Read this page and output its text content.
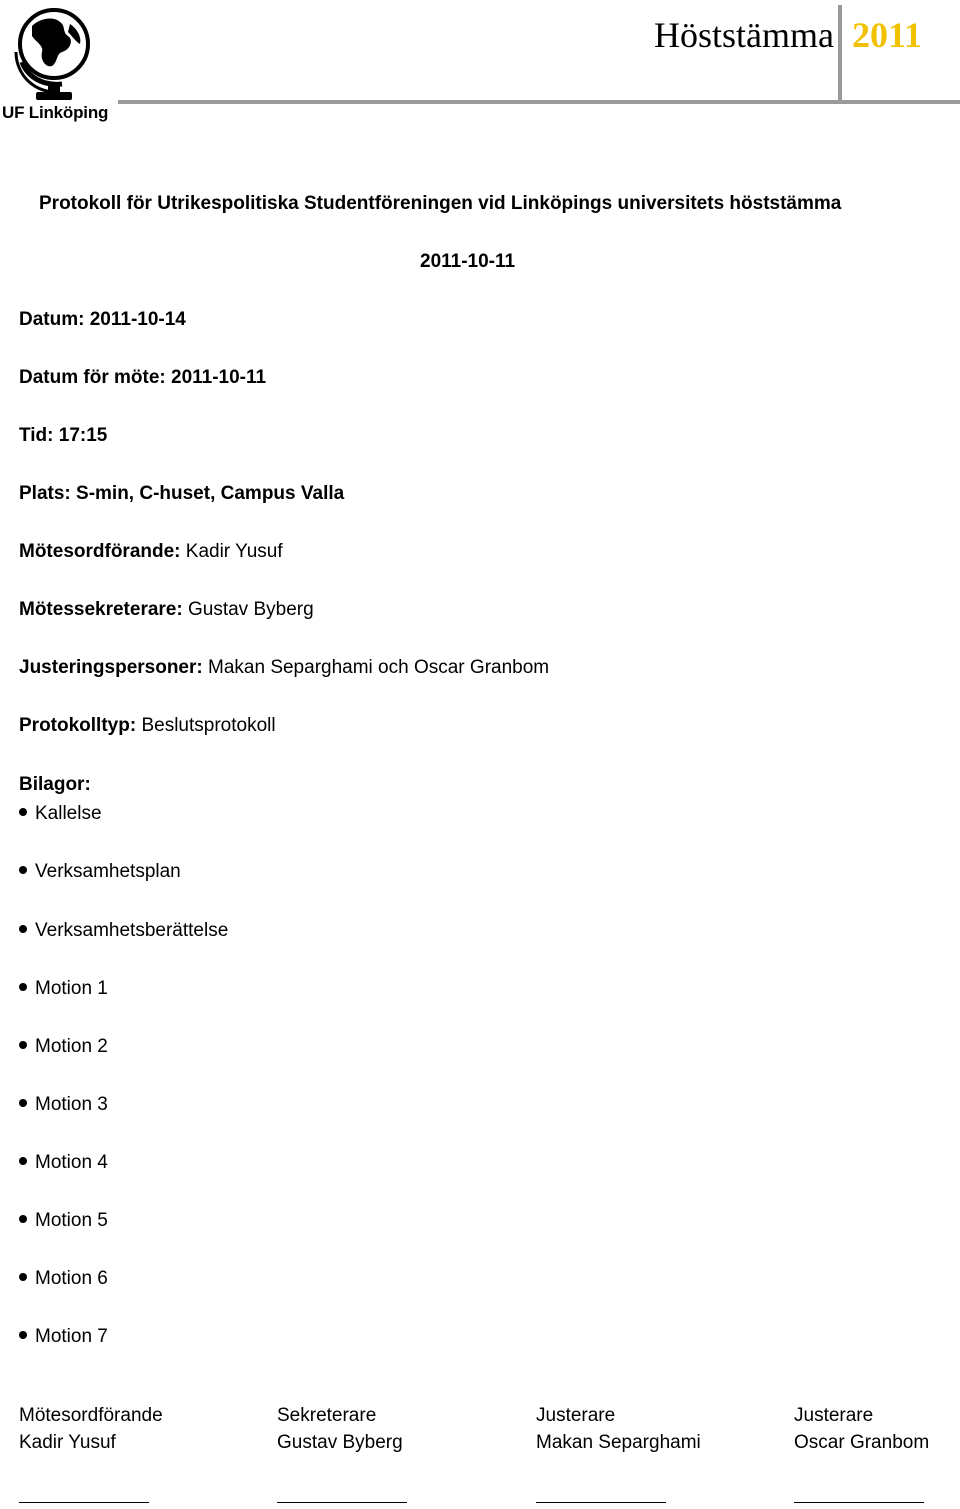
UF Linköping
Höststämma 2011
Protokoll för Utrikespolitiska Studentföreningen vid Linköpings universitets höststämma
2011-10-11
Datum: 2011-10-14
Datum för möte: 2011-10-11
Tid: 17:15
Plats: S-min, C-huset, Campus Valla
Mötesordförande: Kadir Yusuf
Mötessekreterare: Gustav Byberg
Justeringspersoner: Makan Separghami och Oscar Granbom
Protokolltyp: Beslutsprotokoll
Bilagor:
Kallelse
Verksamhetsplan
Verksamhetsberättelse
Motion 1
Motion 2
Motion 3
Motion 4
Motion 5
Motion 6
Motion 7
Mötesordförande
Kadir Yusuf
Sekreterare
Gustav Byberg
Justerare
Makan Separghami
Justerare
Oscar Granbom
